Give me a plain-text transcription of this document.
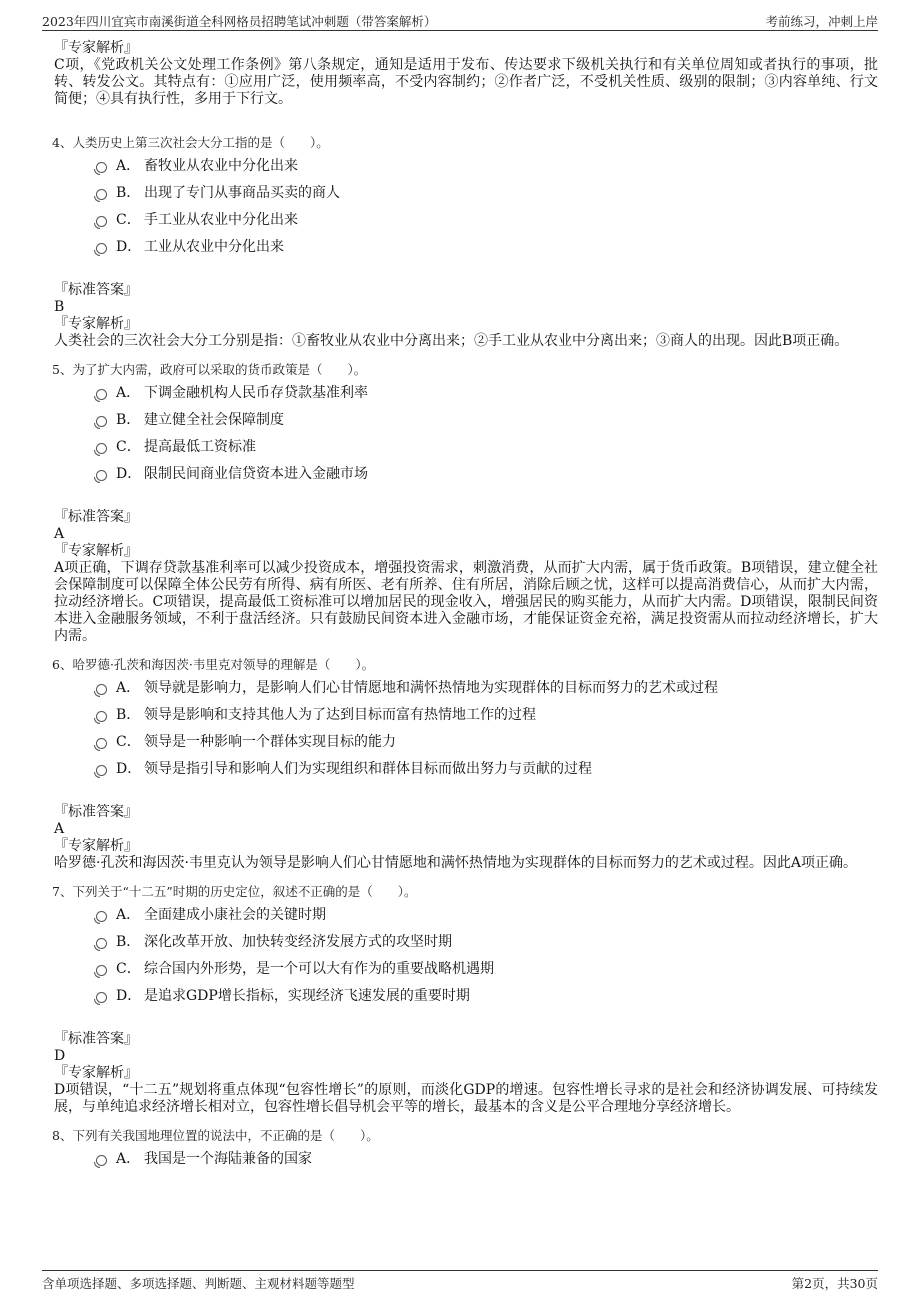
2023年四川宜宾市南溪街道全科网格员招聘笔试冲刺题（带答案解析）	考前练习，冲刺上岸
『专家解析』
C项，《党政机关公文处理工作条例》第八条规定，通知是适用于发布、传达要求下级机关执行和有关单位周知或者执行的事项，批转、转发公文。其特点有：①应用广泛，使用频率高，不受内容制约；②作者广泛，不受机关性质、级别的限制；③内容单纯、行文简便；④具有执行性，多用于下行文。
4、人类历史上第三次社会大分工指的是（　　）。
A． 畜牧业从农业中分化出来
B． 出现了专门从事商品买卖的商人
C． 手工业从农业中分化出来
D． 工业从农业中分化出来
『标准答案』
B
『专家解析』
人类社会的三次社会大分工分别是指：①畜牧业从农业中分离出来；②手工业从农业中分离出来；③商人的出现。因此B项正确。
5、为了扩大内需，政府可以采取的货币政策是（　　）。
A． 下调金融机构人民币存贷款基准利率
B． 建立健全社会保障制度
C． 提高最低工资标准
D． 限制民间商业信贷资本进入金融市场
『标准答案』
A
『专家解析』
A项正确，下调存贷款基准利率可以减少投资成本，增强投资需求，刺激消费，从而扩大内需，属于货币政策。B项错误，建立健全社会保障制度可以保障全体公民劳有所得、病有所医、老有所养、住有所居，消除后顾之忧，这样可以提高消费信心，从而扩大内需，拉动经济增长。C项错误，提高最低工资标准可以增加居民的现金收入，增强居民的购买能力，从而扩大内需。D项错误，限制民间资本进入金融服务领域，不利于盘活经济。只有鼓励民间资本进入金融市场，才能保证资金充裕，满足投资需从而拉动经济增长，扩大内需。
6、哈罗德·孔茨和海因茨·韦里克对领导的理解是（　　）。
A． 领导就是影响力，是影响人们心甘情愿地和满怀热情地为实现群体的目标而努力的艺术或过程
B． 领导是影响和支持其他人为了达到目标而富有热情地工作的过程
C． 领导是一种影响一个群体实现目标的能力
D． 领导是指引导和影响人们为实现组织和群体目标而做出努力与贡献的过程
『标准答案』
A
『专家解析』
哈罗德·孔茨和海因茨·韦里克认为领导是影响人们心甘情愿地和满怀热情地为实现群体的目标而努力的艺术或过程。因此A项正确。
7、下列关于“十二五”时期的历史定位，叙述不正确的是（　　）。
A． 全面建成小康社会的关键时期
B． 深化改革开放、加快转变经济发展方式的攻坚时期
C． 综合国内外形势，是一个可以大有作为的重要战略机遇期
D． 是追求GDP增长指标，实现经济飞速发展的重要时期
『标准答案』
D
『专家解析』
D项错误，“十二五”规划将重点体现“包容性增长”的原则，而淡化GDP的增速。包容性增长寻求的是社会和经济协调发展、可持续发展，与单纯追求经济增长相对立，包容性增长倡导机会平等的增长，最基本的含义是公平合理地分享经济增长。
8、下列有关我国地理位置的说法中，不正确的是（　　）。
A． 我国是一个海陆兼备的国家
含单项选择题、多项选择题、判断题、主观材料题等题型	第2页，共30页
